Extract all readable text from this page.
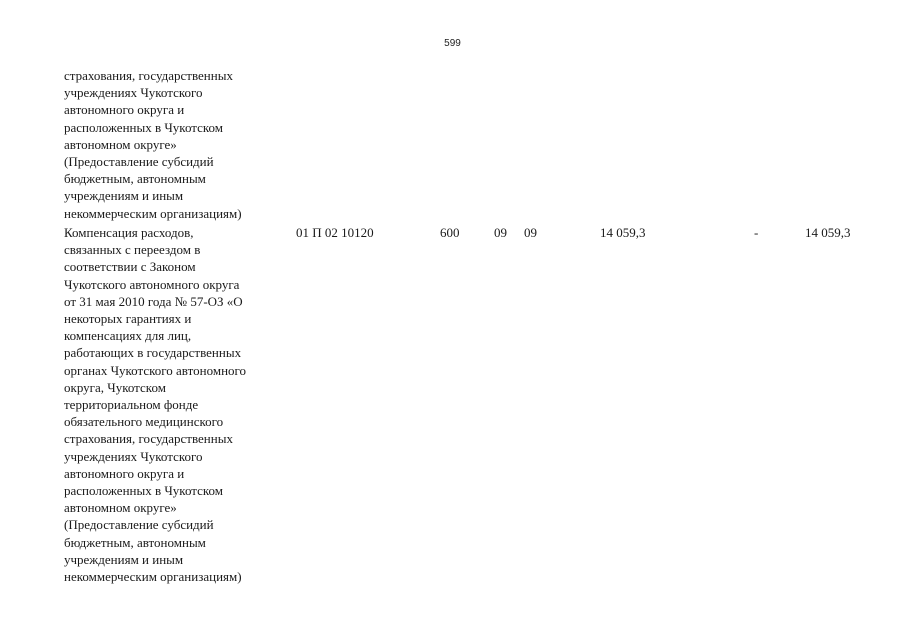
599
страхования, государственных
учреждениях Чукотского
автономного округа и
расположенных в Чукотском
автономном округе»
(Предоставление субсидий
бюджетным, автономным
учреждениям и иным
некоммерческим организациям)
Компенсация расходов,
связанных с переездом в
соответствии с Законом
Чукотского автономного округа
от 31 мая 2010 года № 57-ОЗ «О
некоторых гарантиях и
компенсациях для лиц,
работающих в государственных
органах Чукотского автономного
округа, Чукотском
территориальном фонде
обязательного медицинского
страхования, государственных
учреждениях Чукотского
автономного округа и
расположенных в Чукотском
автономном округе»
(Предоставление субсидий
бюджетным, автономным
учреждениям и иным
некоммерческим организациям)
01 П 02 10120	600	09 09	14 059,3	-	14 059,3
